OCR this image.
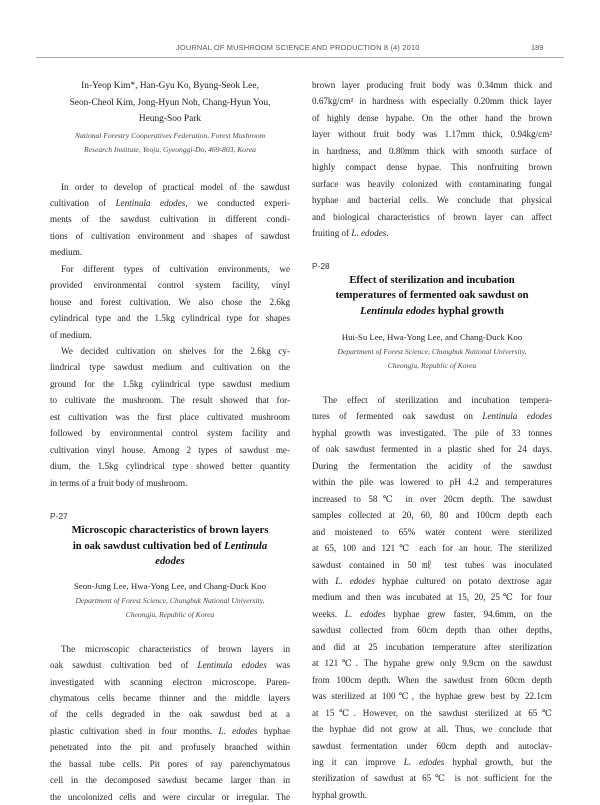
JOURNAL OF MUSHROOM SCIENCE AND PRODUCTION 8 (4) 2010	189
In-Yeop Kim*, Han-Gyu Ko, Byung-Seok Lee,
Seon-Cheol Kim, Jong-Hyun Noh, Chang-Hyun You,
Heung-Soo Park
National Forestry Cooperatives Federation, Forest Mushroom
Research Institute, Yeoju, Gyeonggi-Do, 469-803, Korea
In order to develop of practical model of the sawdust
cultivation of Lentinula edodes, we conducted experi-
ments of the sawdust cultivation in different condi-
tions of cultivation environment and shapes of sawdust
medium.
For different types of cultivation environments, we
provided environmental control system facility, vinyl
house and forest cultivation. We also chose the 2.6kg
cylindrical type and the 1.5kg cylindrical type for shapes
of medium.
We decided cultivation on shelves for the 2.6kg cy-
lindrical type sawdust medium and cultivation on the
ground for the 1.5kg cylindrical type sawdust medium
to cultivate the mushroom. The result showed that for-
est cultivation was the first place cultivated mushroom
followed by environmental control system facility and
cultivation vinyl house. Among 2 types of sawdust me-
dium, the 1.5kg cylindrical type showed better quantity
in terms of a fruit body of mushroom.
P-27
Microscopic characteristics of brown layers
in oak sawdust cultivation bed of Lentinula
edodes
Seon-Jung Lee, Hwa-Yong Lee, and Chang-Duck Koo
Department of Forest Science, Chungbuk National University,
Cheongju, Republic of Korea
The microscopic characteristics of brown layers in
oak sawdust cultivation bed of Lentinula edodes was
investigated with scanning electron microscope. Paren-
chymatous cells became thinner and the middle layers
of the cells degraded in the oak sawdust bed at a
plastic cultivation shed in four months. L. edodes hyphae
penetrated into the pit and profusely branched within
the bassal tube cells. Pit pores of ray parenchymatous
cell in the decomposed sawdust became larger than in
the uncolonized cells and were circular or irregular. The
brown layer producing fruit body was 0.34mm thick and
0.67kg/cm² in hardness with especially 0.20mm thick layer
of highly dense hypahe. On the other hand the brown
layer without fruit body was 1.17mm thick, 0.94kg/cm²
in hardness, and 0.80mm thick with smooth surface of
highly compact dense hypae. This nonfruiting brown
surface was heavily colonized with contaminating fungal
hyphae and bacterial cells. We conclude that physical
and biological characteristics of brown layer can affect
fruiting of L. edodes.
P-28
Effect of sterilization and incubation
temperatures of fermented oak sawdust on
Lentinula edodes hyphal growth
Hui-Su Lee, Hwa-Yong Lee, and Chang-Duck Koo
Department of Forest Science, Chungbuk National University,
Cheongju, Republic of Korea
The effect of sterilization and incubation tempera-
tures of fermented oak sawdust on Lentinula edodes
hyphal growth was investigated. The pile of 33 tonnes
of oak sawdust fermented in a plastic shed for 24 days.
During the fermentation the acidity of the sawdust
within the pile was lowered to pH 4.2 and temperatures
increased to 58℃ in over 20cm depth. The sawdust
samples collected at 20, 60, 80 and 100cm depth each
and moistened to 65% water content were sterilized
at 65, 100 and 121℃ each for an hour. The sterilized
sawdust contained in 50㎖ test tubes was inoculated
with L. edodes hyphae cultured on potato dextrose agar
medium and then was incubated at 15, 20, 25℃ for four
weeks. L. edodes hyphae grew faster, 94.6mm, on the
sawdust collected from 60cm depth than other depths,
and did at 25 incubation temperature after sterilization
at 121℃. The hypahe grew only 9.9cm on the sawdust
from 100cm depth. When the sawdust from 60cm depth
was sterilized at 100℃, the hyphae grew best by 22.1cm
at 15℃. However, on the sawdust sterilized at 65℃
the hyphae did not grow at all. Thus, we conclude that
sawdust fermentation under 60cm depth and autoclav-
ing it can improve L. edodes hyphal growth, but the
sterilization of sawdust at 65℃ is not sufficient for the
hyphal growth.
